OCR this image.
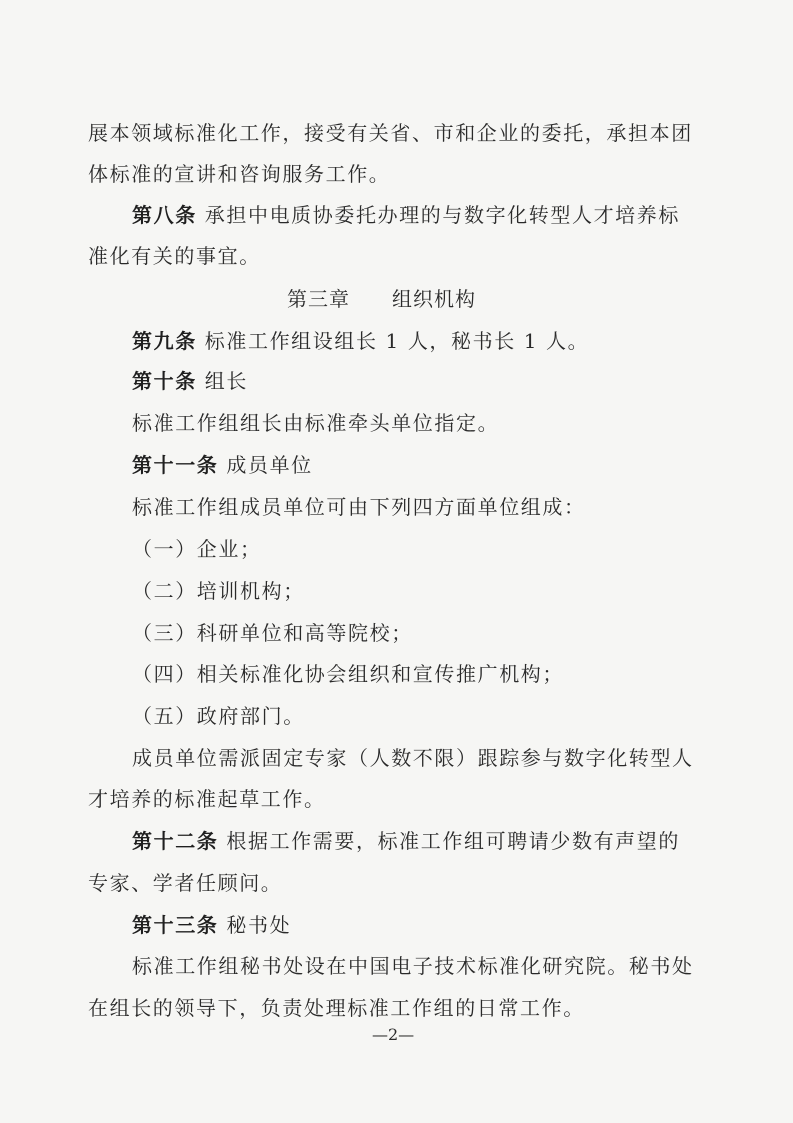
展本领域标准化工作，接受有关省、市和企业的委托，承担本团
体标准的宣讲和咨询服务工作。
第八条 承担中电质协委托办理的与数字化转型人才培养标
准化有关的事宜。
第三章　　组织机构
第九条 标准工作组设组长 1 人，秘书长 1 人。
第十条 组长
标准工作组组长由标准牵头单位指定。
第十一条 成员单位
标准工作组成员单位可由下列四方面单位组成：
（一）企业；
（二）培训机构；
（三）科研单位和高等院校；
（四）相关标准化协会组织和宣传推广机构；
（五）政府部门。
成员单位需派固定专家（人数不限）跟踪参与数字化转型人
才培养的标准起草工作。
第十二条 根据工作需要，标准工作组可聘请少数有声望的
专家、学者任顾问。
第十三条 秘书处
标准工作组秘书处设在中国电子技术标准化研究院。秘书处
在组长的领导下，负责处理标准工作组的日常工作。
—2—
